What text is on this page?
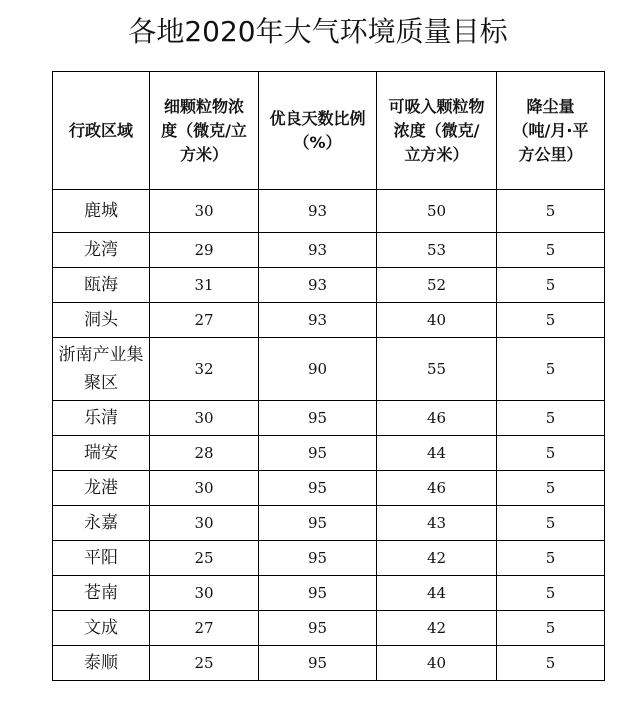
各地2020年大气环境质量目标
行政区域	细颗粒物浓度（微克/立方米）	优良天数比例（%）	可吸入颗粒物浓度（微克/立方米）	降尘量（吨/月·平方公里）
鹿城	30	93	50	5
龙湾	29	93	53	5
瓯海	31	93	52	5
洞头	27	93	40	5
浙南产业集聚区	32	90	55	5
乐清	30	95	46	5
瑞安	28	95	44	5
龙港	30	95	46	5
永嘉	30	95	43	5
平阳	25	95	42	5
苍南	30	95	44	5
文成	27	95	42	5
泰顺	25	95	40	5
